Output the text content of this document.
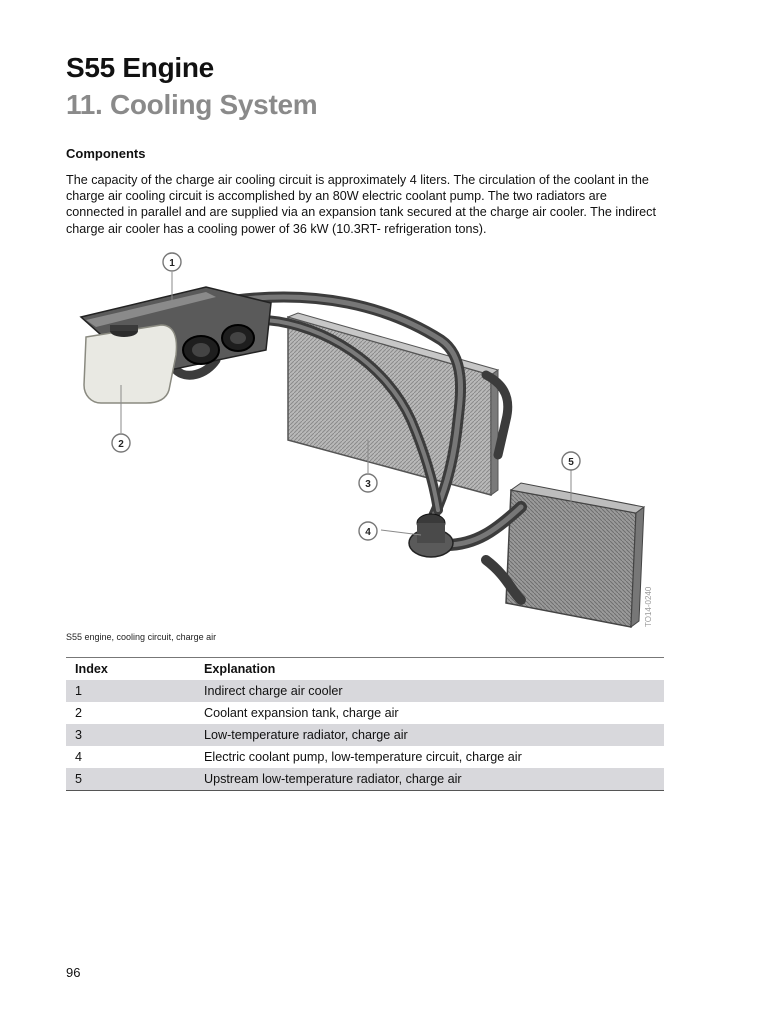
S55 Engine
11. Cooling System
Components

The capacity of the charge air cooling circuit is approximately 4 liters. The circulation of the coolant in the charge air cooling circuit is accomplished by an 80W electric coolant pump. The two radiators are connected in parallel and are supplied via an expansion tank secured at the charge air cooler. The indirect charge air cooler has a cooling power of 36 kW (10.3RT- refrigeration tons).

1
2
3
4
5
TO14-0240

S55 engine, cooling circuit, charge air

Index	Explanation
1	Indirect charge air cooler
2	Coolant expansion tank, charge air
3	Low-temperature radiator, charge air
4	Electric coolant pump, low-temperature circuit, charge air
5	Upstream low-temperature radiator, charge air

96
